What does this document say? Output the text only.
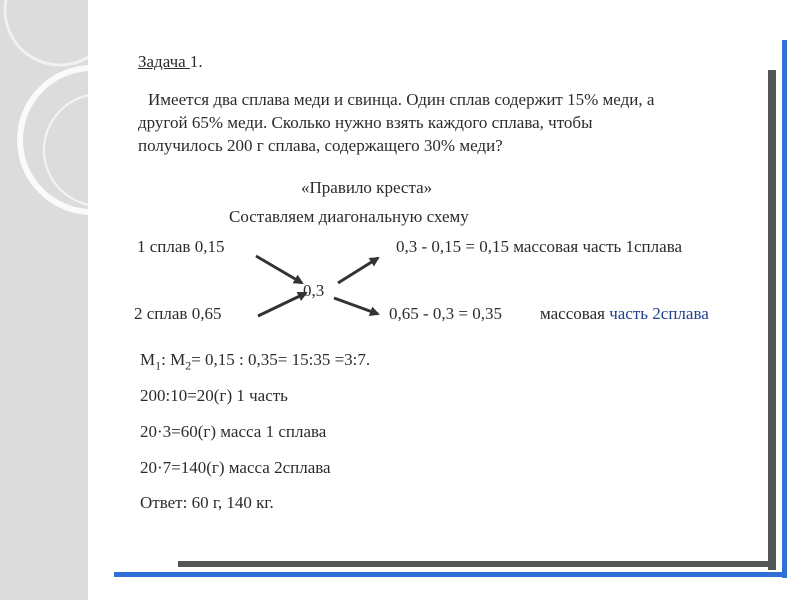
Задача 1.
Имеется два сплава меди и свинца. Один сплав содержит 15% меди, а
другой 65% меди. Сколько нужно взять каждого сплава, чтобы
получилось 200 г сплава, содержащего 30% меди?
«Правило креста»
Составляем диагональную схему
1 сплав 0,15	0,3 - 0,15 = 0,15 массовая часть 1сплава
0,3
2 сплав 0,65	0,65 - 0,3 = 0,35 массовая часть 2сплава
$М_1$: $М_2= 0,15$ : 0,35= 15:35 =3:7.
200:10=20(г) 1 часть
20·3=60(г) масса 1 сплава
20·7=140(г) масса 2сплава
Ответ: 60 г, 140 кг.
